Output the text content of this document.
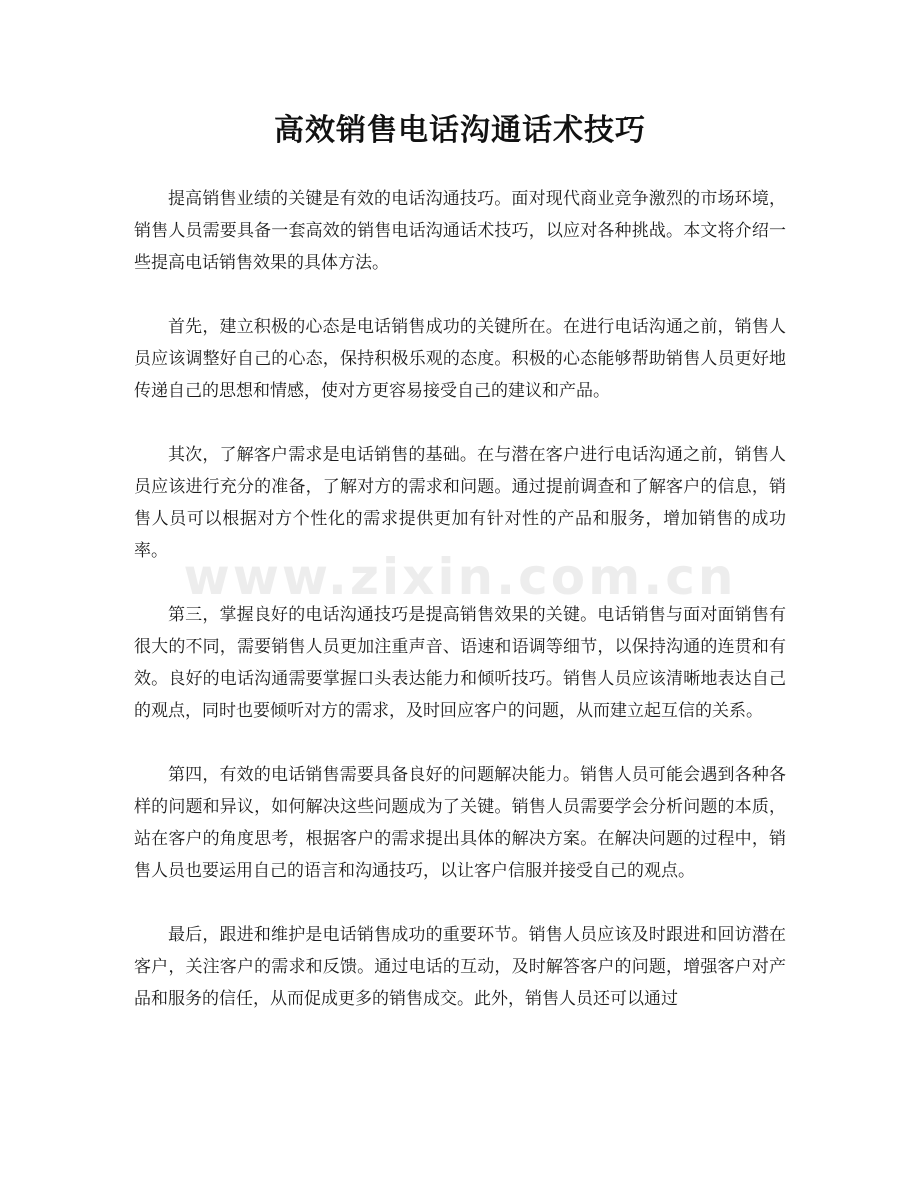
高效销售电话沟通话术技巧

提高销售业绩的关键是有效的电话沟通技巧。面对现代商业竞争激烈的市场环境，销售人员需要具备一套高效的销售电话沟通话术技巧，以应对各种挑战。本文将介绍一些提高电话销售效果的具体方法。

首先，建立积极的心态是电话销售成功的关键所在。在进行电话沟通之前，销售人员应该调整好自己的心态，保持积极乐观的态度。积极的心态能够帮助销售人员更好地传递自己的思想和情感，使对方更容易接受自己的建议和产品。

其次，了解客户需求是电话销售的基础。在与潜在客户进行电话沟通之前，销售人员应该进行充分的准备，了解对方的需求和问题。通过提前调查和了解客户的信息，销售人员可以根据对方个性化的需求提供更加有针对性的产品和服务，增加销售的成功率。

第三，掌握良好的电话沟通技巧是提高销售效果的关键。电话销售与面对面销售有很大的不同，需要销售人员更加注重声音、语速和语调等细节，以保持沟通的连贯和有效。良好的电话沟通需要掌握口头表达能力和倾听技巧。销售人员应该清晰地表达自己的观点，同时也要倾听对方的需求，及时回应客户的问题，从而建立起互信的关系。

第四，有效的电话销售需要具备良好的问题解决能力。销售人员可能会遇到各种各样的问题和异议，如何解决这些问题成为了关键。销售人员需要学会分析问题的本质，站在客户的角度思考，根据客户的需求提出具体的解决方案。在解决问题的过程中，销售人员也要运用自己的语言和沟通技巧，以让客户信服并接受自己的观点。

最后，跟进和维护是电话销售成功的重要环节。销售人员应该及时跟进和回访潜在客户，关注客户的需求和反馈。通过电话的互动，及时解答客户的问题，增强客户对产品和服务的信任，从而促成更多的销售成交。此外，销售人员还可以通过

www.zixin.com.cn
